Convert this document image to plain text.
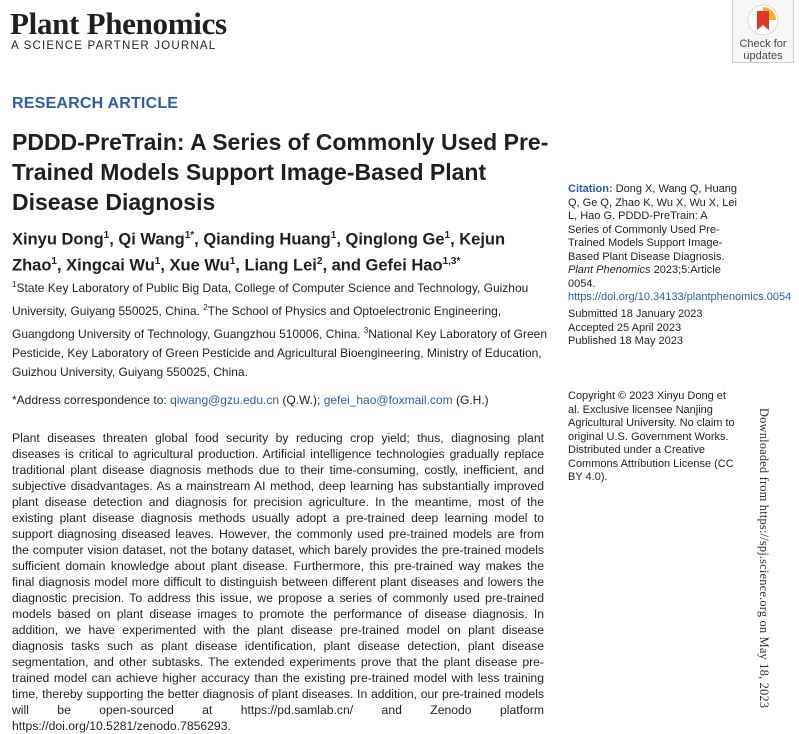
Plant Phenomics
A SCIENCE PARTNER JOURNAL	Check for
updates
RESEARCH ARTICLE
PDDD-PreTrain: A Series of Commonly Used Pre-Trained Models Support Image-Based Plant Disease Diagnosis
Xinyu Dong$^1$, Qi Wang$^{1*}$, Qianding Huang$^1$, Qinglong Ge$^1$, Kejun Zhao$^1$, Xingcai Wu$^1$, Xue Wu$^1$, Liang Lei$^2$, and Gefei Hao$^{1,3*}$
$^1$State Key Laboratory of Public Big Data, College of Computer Science and Technology, Guizhou University, Guiyang 550025, China. $^2$The School of Physics and Optoelectronic Engineering, Guangdong University of Technology, Guangzhou 510006, China. $^3$National Key Laboratory of Green Pesticide, Key Laboratory of Green Pesticide and Agricultural Bioengineering, Ministry of Education, Guizhou University, Guiyang 550025, China.
*Address correspondence to: qiwang@gzu.edu.cn (Q.W.); gefei_hao@foxmail.com (G.H.)
Plant diseases threaten global food security by reducing crop yield; thus, diagnosing plant diseases is critical to agricultural production. Artificial intelligence technologies gradually replace traditional plant disease diagnosis methods due to their time-consuming, costly, inefficient, and subjective disadvantages. As a mainstream AI method, deep learning has substantially improved plant disease detection and diagnosis for precision agriculture. In the meantime, most of the existing plant disease diagnosis methods usually adopt a pre-trained deep learning model to support diagnosing diseased leaves. However, the commonly used pre-trained models are from the computer vision dataset, not the botany dataset, which barely provides the pre-trained models sufficient domain knowledge about plant disease. Furthermore, this pre-trained way makes the final diagnosis model more difficult to distinguish between different plant diseases and lowers the diagnostic precision. To address this issue, we propose a series of commonly used pre-trained models based on plant disease images to promote the performance of disease diagnosis. In addition, we have experimented with the plant disease pre-trained model on plant disease diagnosis tasks such as plant disease identification, plant disease detection, plant disease segmentation, and other subtasks. The extended experiments prove that the plant disease pre-trained model can achieve higher accuracy than the existing pre-trained model with less training time, thereby supporting the better diagnosis of plant diseases. In addition, our pre-trained models will be open-sourced at https://pd.samlab.cn/ and Zenodo platform https://doi.org/10.5281/zenodo.7856293.
Citation: Dong X, Wang Q, Huang Q, Ge Q, Zhao K, Wu X, Wu X, Lei L, Hao G. PDDD-PreTrain: A Series of Commonly Used Pre-Trained Models Support Image-Based Plant Disease Diagnosis. Plant Phenomics 2023;5:Article 0054. https://doi.org/10.34133/plantphenomics.0054
Submitted 18 January 2023
Accepted 25 April 2023
Published 18 May 2023
Copyright © 2023 Xinyu Dong et al. Exclusive licensee Nanjing Agricultural University. No claim to original U.S. Government Works. Distributed under a Creative Commons Attribution License (CC BY 4.0).	Downloaded from https://spj.science.org on May 18, 2023
